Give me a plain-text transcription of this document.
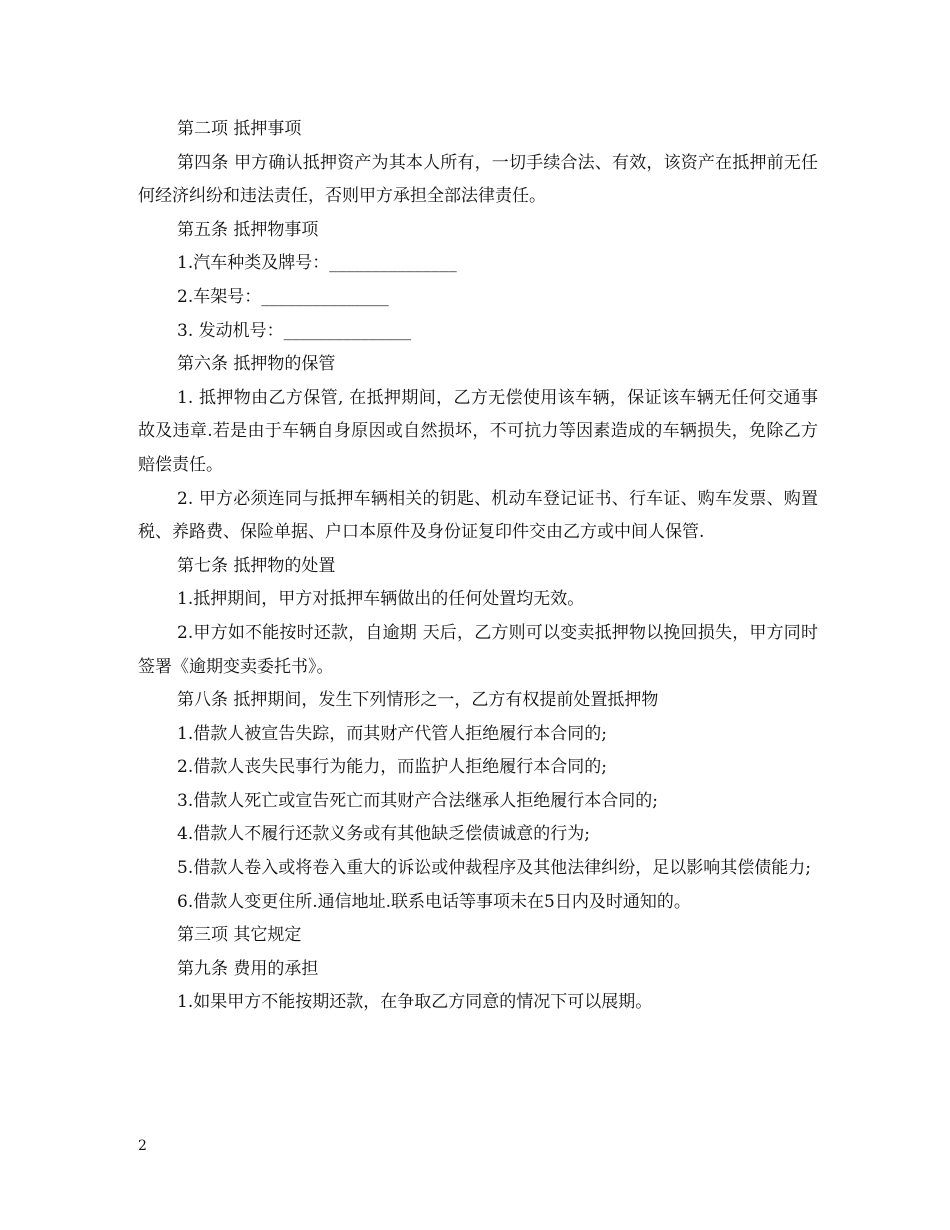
第二项 抵押事项

第四条 甲方确认抵押资产为其本人所有，一切手续合法、有效，该资产在抵押前无任何经济纠纷和违法责任，否则甲方承担全部法律责任。

第五条 抵押物事项

1.汽车种类及牌号：_______________

2.车架号：_______________

3. 发动机号：_______________

第六条 抵押物的保管

1. 抵押物由乙方保管, 在抵押期间，乙方无偿使用该车辆，保证该车辆无任何交通事故及违章.若是由于车辆自身原因或自然损坏，不可抗力等因素造成的车辆损失，免除乙方赔偿责任。

2. 甲方必须连同与抵押车辆相关的钥匙、机动车登记证书、行车证、购车发票、购置税、养路费、保险单据、户口本原件及身份证复印件交由乙方或中间人保管.

第七条 抵押物的处置

1.抵押期间，甲方对抵押车辆做出的任何处置均无效。

2.甲方如不能按时还款，自逾期 天后，乙方则可以变卖抵押物以挽回损失，甲方同时签署《逾期变卖委托书》。

第八条 抵押期间，发生下列情形之一，乙方有权提前处置抵押物

1.借款人被宣告失踪，而其财产代管人拒绝履行本合同的;

2.借款人丧失民事行为能力，而监护人拒绝履行本合同的;

3.借款人死亡或宣告死亡而其财产合法继承人拒绝履行本合同的;

4.借款人不履行还款义务或有其他缺乏偿债诚意的行为;

5.借款人卷入或将卷入重大的诉讼或仲裁程序及其他法律纠纷，足以影响其偿债能力;

6.借款人变更住所.通信地址.联系电话等事项未在5日内及时通知的。

第三项 其它规定

第九条 费用的承担

1.如果甲方不能按期还款，在争取乙方同意的情况下可以展期。

2
